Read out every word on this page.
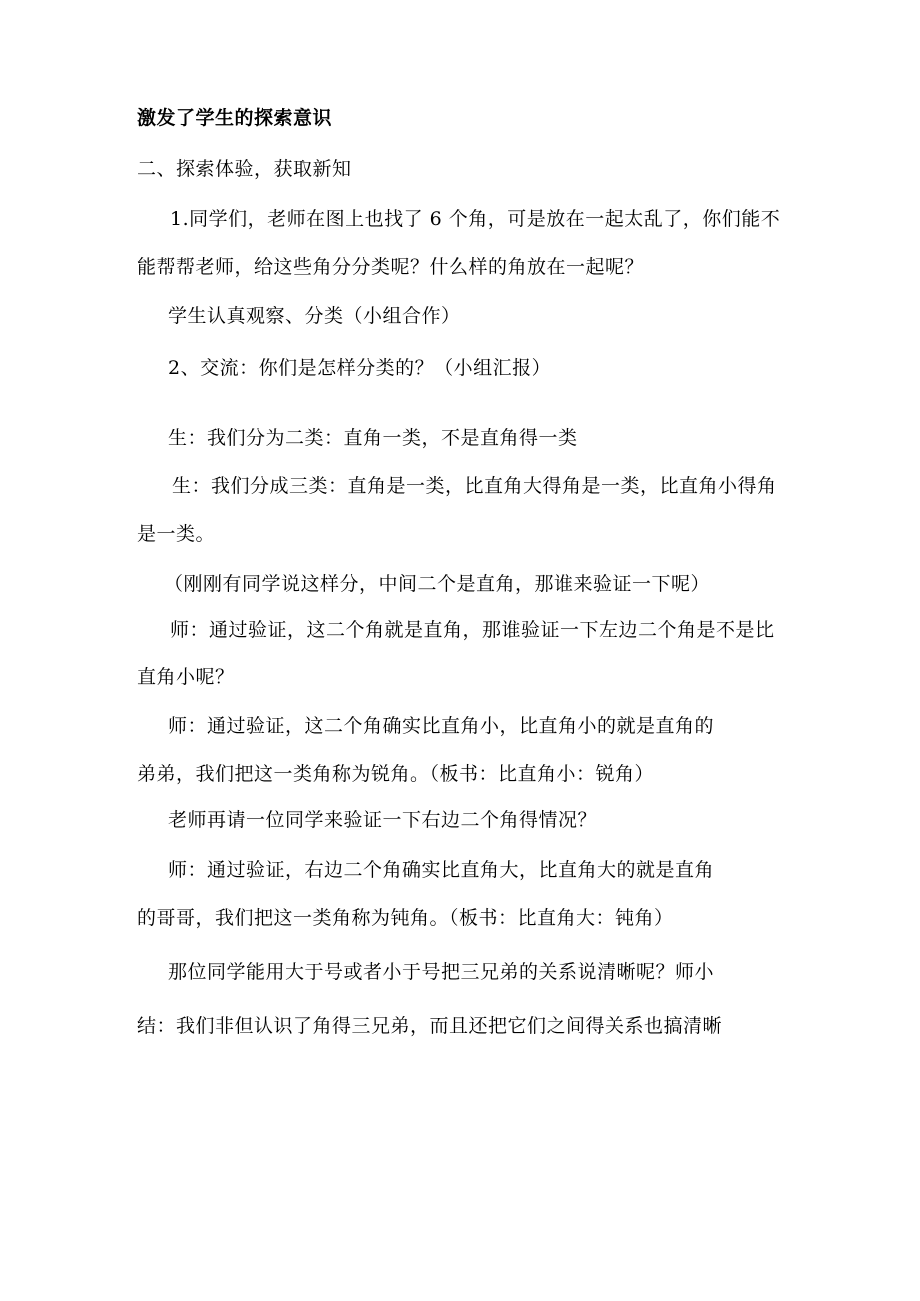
激发了学生的探索意识
二、探索体验，获取新知
1.同学们，老师在图上也找了 6 个角，可是放在一起太乱了，你们能不
能帮帮老师，给这些角分分类呢？什么样的角放在一起呢？
学生认真观察、分类（小组合作）
2、交流：你们是怎样分类的？（小组汇报）
生：我们分为二类：直角一类，不是直角得一类
生：我们分成三类：直角是一类，比直角大得角是一类，比直角小得角
是一类。
（刚刚有同学说这样分，中间二个是直角，那谁来验证一下呢）
师：通过验证，这二个角就是直角，那谁验证一下左边二个角是不是比
直角小呢？
师：通过验证，这二个角确实比直角小，比直角小的就是直角的
弟弟，我们把这一类角称为锐角。（板书：比直角小：锐角）
老师再请一位同学来验证一下右边二个角得情况？
师：通过验证，右边二个角确实比直角大，比直角大的就是直角
的哥哥，我们把这一类角称为钝角。（板书：比直角大：钝角）
那位同学能用大于号或者小于号把三兄弟的关系说清晰呢？师小
结：我们非但认识了角得三兄弟，而且还把它们之间得关系也搞清晰
